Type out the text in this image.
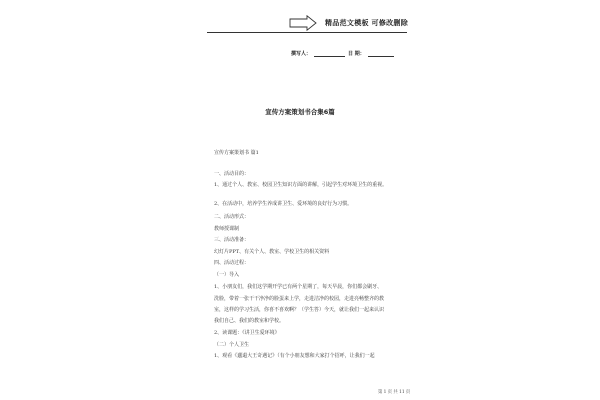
精品范文模板 可修改删除
撰写人：	日 期：
宣传方案策划书合集6篇
宣传方案策划书 篇1
一、活动目的：
1、通过个人、教室、校园卫生知识方面的讲解，引起学生对环境卫生的重视。
2、在活动中，培养学生养成讲卫生、爱环境的良好行为习惯。
二、活动形式：
教师授课制
三、活动准备：
幻灯片PPT、有关个人、教室、学校卫生的相关资料
四、活动过程：
（一）导入
1、小朋友们，我们这学期开学已有两个星期了，每天早晨，你们都会刷牙、
洗脸，带着一张干干净净的脸蛋来上学，走进洁净的校园，走进亮畅整齐的教
室，这样的学习生活，你喜不喜欢啊？（学生答）今天，就让我们一起来认识
我们自己、我们的教室和学校。
2、读课题：《讲卫生爱环境》
（二）个人卫生
1、观看《邋遢大王奇遇记》（有个小朋友想和大家打个招呼，让我们一起
第 1 页 共 11 页
